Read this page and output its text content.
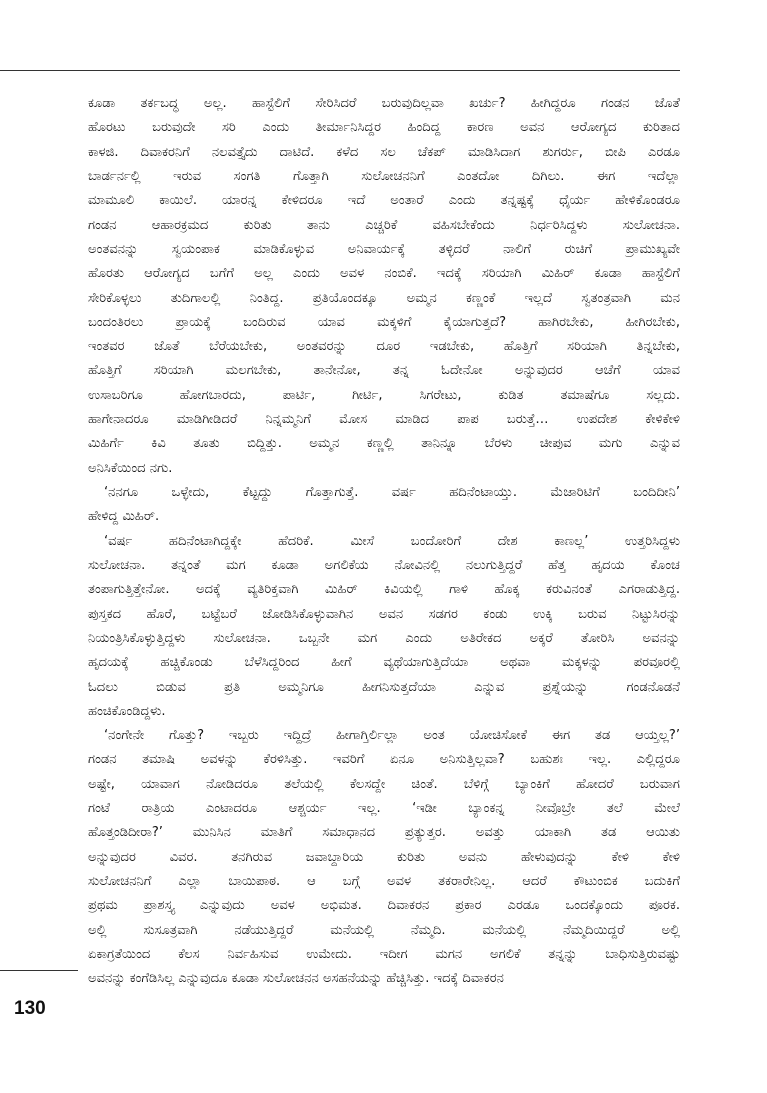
ಕೂಡಾ ತರ್ಕಬದ್ಧ ಅಲ್ಲ. ಹಾಸ್ಟೆಲಿಗೆ ಸೇರಿಸಿದರೆ ಬರುವುದಿಲ್ಲವಾ ಖರ್ಚು? ಹೀಗಿದ್ದರೂ ಗಂಡನ ಜೊತೆ
ಹೊರಟು ಬರುವುದೇ ಸರಿ ಎಂದು ತೀರ್ಮಾನಿಸಿದ್ದರ ಹಿಂದಿದ್ದ ಕಾರಣ ಅವನ ಆರೋಗ್ಯದ ಕುರಿತಾದ
ಕಾಳಜಿ. ದಿವಾಕರನಿಗೆ ನಲವತ್ತೈದು ದಾಟಿದೆ. ಕಳೆದ ಸಲ ಚೆಕಪ್ ಮಾಡಿಸಿದಾಗ ಶುಗರ್ರು, ಬೀಪಿ ಎರಡೂ
ಬಾರ್ಡರ್ನಲ್ಲಿ ಇರುವ ಸಂಗತಿ ಗೊತ್ತಾಗಿ ಸುಲೋಚನನಿಗೆ ಎಂತದೋ ದಿಗಿಲು. ಈಗ ಇದೆಲ್ಲಾ
ಮಾಮೂಲಿ ಕಾಯಿಲೆ. ಯಾರನ್ನ ಕೇಳಿದರೂ ಇದೆ ಅಂತಾರೆ ಎಂದು ತನ್ನಷ್ಟಕ್ಕೆ ಧೈರ್ಯ ಹೇಳಿಕೊಂಡರೂ
ಗಂಡನ ಆಹಾರಕ್ರಮದ ಕುರಿತು ತಾನು ಎಚ್ಚರಿಕೆ ವಹಿಸಬೇಕೆಂದು ನಿರ್ಧರಿಸಿದ್ದಳು ಸುಲೋಚನಾ.
ಅಂತವನನ್ನು ಸ್ವಯಂಪಾಕ ಮಾಡಿಕೊಳ್ಳುವ ಅನಿವಾರ್ಯಕ್ಕೆ ತಳ್ಳಿದರೆ ನಾಲಿಗೆ ರುಚಿಗೆ ಪ್ರಾಮುಖ್ಯವೇ
ಹೊರತು ಆರೋಗ್ಯದ ಬಗೆಗೆ ಅಲ್ಲ ಎಂದು ಅವಳ ನಂಬಿಕೆ. ಇದಕ್ಕೆ ಸರಿಯಾಗಿ ಮಿಹಿರ್ ಕೂಡಾ ಹಾಸ್ಟೆಲಿಗೆ
ಸೇರಿಕೊಳ್ಳಲು ತುದಿಗಾಲಲ್ಲಿ ನಿಂತಿದ್ದ. ಪ್ರತಿಯೊಂದಕ್ಕೂ ಅಮ್ಮನ ಕಣ್ಣಂಕೆ ಇಲ್ಲದೆ ಸ್ವತಂತ್ರವಾಗಿ ಮನ
ಬಂದಂತಿರಲು ಪ್ರಾಯಕ್ಕೆ ಬಂದಿರುವ ಯಾವ ಮಕ್ಕಳಿಗೆ ಕೈಯಾಗುತ್ತದೆ? ಹಾಗಿರಬೇಕು, ಹೀಗಿರಬೇಕು,
ಇಂತವರ ಜೊತೆ ಬೆರೆಯಬೇಕು, ಅಂತವರನ್ನು ದೂರ ಇಡಬೇಕು, ಹೊತ್ತಿಗೆ ಸರಿಯಾಗಿ ತಿನ್ನಬೇಕು,
ಹೊತ್ತಿಗೆ ಸರಿಯಾಗಿ ಮಲಗಬೇಕು, ತಾನೇನೋ, ತನ್ನ ಓದೇನೋ ಅನ್ನುವುದರ ಆಚೆಗೆ ಯಾವ
ಉಸಾಬರಿಗೂ ಹೋಗಬಾರದು, ಪಾರ್ಟಿ, ಗೀರ್ಟಿ, ಸಿಗರೇಟು, ಕುಡಿತ ತಮಾಷೆಗೂ ಸಲ್ಲದು.
ಹಾಗೇನಾದರೂ ಮಾಡಿಗೀಡಿದರೆ ನಿನ್ನಮ್ಮನಿಗೆ ಮೋಸ ಮಾಡಿದ ಪಾಪ ಬರುತ್ತೆ… ಉಪದೇಶ ಕೇಳಿಕೇಳಿ
ಮಿಹಿರ್ಗೆ ಕಿವಿ ತೂತು ಬಿದ್ದಿತ್ತು. ಅಮ್ಮನ ಕಣ್ಣಲ್ಲಿ ತಾನಿನ್ನೂ ಬೆರಳು ಚೀಪುವ ಮಗು ಎನ್ನುವ
ಅನಿಸಿಕೆಯಿಂದ ನಗು.
‘ನನಗೂ ಒಳ್ಳೇದು, ಕೆಟ್ಟದ್ದು ಗೊತ್ತಾಗುತ್ತೆ. ವರ್ಷ ಹದಿನೆಂಟಾಯ್ತು. ಮೆಜಾರಿಟಿಗೆ ಬಂದಿದೀನಿ’
ಹೇಳಿದ್ದ ಮಿಹಿರ್.
‘ವರ್ಷ ಹದಿನೆಂಟಾಗಿದ್ದಕ್ಕೇ ಹೆದರಿಕೆ. ಮೀಸೆ ಬಂದೋರಿಗೆ ದೇಶ ಕಾಣಲ್ಲ’ ಉತ್ತರಿಸಿದ್ದಳು
ಸುಲೋಚನಾ. ತನ್ನಂತೆ ಮಗ ಕೂಡಾ ಅಗಲಿಕೆಯ ನೋವಿನಲ್ಲಿ ನಲುಗುತ್ತಿದ್ದರೆ ಹೆತ್ತ ಹೃದಯ ಕೊಂಚ
ತಂಪಾಗುತ್ತಿತ್ತೇನೋ. ಅದಕ್ಕೆ ವ್ಯತಿರಿಕ್ತವಾಗಿ ಮಿಹಿರ್ ಕಿವಿಯಲ್ಲಿ ಗಾಳಿ ಹೊಕ್ಕ ಕರುವಿನಂತೆ ಎಗರಾಡುತ್ತಿದ್ದ.
ಪುಸ್ತಕದ ಹೊರೆ, ಬಟ್ಟೆಬರೆ ಜೋಡಿಸಿಕೊಳ್ಳುವಾಗಿನ ಅವನ ಸಡಗರ ಕಂಡು ಉಕ್ಕಿ ಬರುವ ನಿಟ್ಟುಸಿರನ್ನು
ನಿಯಂತ್ರಿಸಿಕೊಳ್ಳುತ್ತಿದ್ದಳು ಸುಲೋಚನಾ. ಒಬ್ಬನೇ ಮಗ ಎಂದು ಅತಿರೇಕದ ಅಕ್ಕರೆ ತೋರಿಸಿ ಅವನನ್ನು
ಹೃದಯಕ್ಕೆ ಹಚ್ಚಿಕೊಂಡು ಬೆಳೆಸಿದ್ದರಿಂದ ಹೀಗೆ ವ್ಯಥೆಯಾಗುತ್ತಿದೆಯಾ ಅಥವಾ ಮಕ್ಕಳನ್ನು ಪರವೂರಲ್ಲಿ
ಓದಲು ಬಿಡುವ ಪ್ರತಿ ಅಮ್ಮನಿಗೂ ಹೀಗನಿಸುತ್ತದೆಯಾ ಎನ್ನುವ ಪ್ರಶ್ನೆಯನ್ನು ಗಂಡನೊಡನೆ
ಹಂಚಿಕೊಂಡಿದ್ದಳು.
‘ನಂಗೇನೇ ಗೊತ್ತು? ಇಬ್ಬರು ಇದ್ದಿದ್ರೆ ಹೀಗಾಗ್ತಿರ್ಲಿಲ್ಲಾ ಅಂತ ಯೋಚಿಸೋಕೆ ಈಗ ತಡ ಆಯ್ತಲ್ಲ?’
ಗಂಡನ ತಮಾಷಿ ಅವಳನ್ನು ಕೆರಳಿಸಿತ್ತು. ಇವರಿಗೆ ಏನೂ ಅನಿಸುತ್ತಿಲ್ಲವಾ? ಬಹುಶಃ ಇಲ್ಲ. ಎಲ್ಲಿದ್ದರೂ
ಅಷ್ಟೇ, ಯಾವಾಗ ನೋಡಿದರೂ ತಲೆಯಲ್ಲಿ ಕೆಲಸದ್ದೇ ಚಿಂತೆ. ಬೆಳಿಗ್ಗೆ ಬ್ಯಾಂಕಿಗೆ ಹೋದರೆ ಬರುವಾಗ
ಗಂಟೆ ರಾತ್ರಿಯ ಎಂಟಾದರೂ ಆಶ್ಚರ್ಯ ಇಲ್ಲ. ‘ಇಡೀ ಬ್ಯಾಂಕನ್ನ ನೀವೊಬ್ರೇ ತಲೆ ಮೇಲೆ
ಹೊತ್ತಂಡಿದೀರಾ?’ ಮುನಿಸಿನ ಮಾತಿಗೆ ಸಮಾಧಾನದ ಪ್ರತ್ಯುತ್ತರ. ಅವತ್ತು ಯಾಕಾಗಿ ತಡ ಆಯಿತು
ಅನ್ನುವುದರ ವಿವರ. ತನಗಿರುವ ಜವಾಬ್ದಾರಿಯ ಕುರಿತು ಅವನು ಹೇಳುವುದನ್ನು ಕೇಳಿ ಕೇಳಿ
ಸುಲೋಚನನಿಗೆ ಎಲ್ಲಾ ಬಾಯಿಪಾಠ. ಆ ಬಗ್ಗೆ ಅವಳ ತಕರಾರೇನಿಲ್ಲ. ಆದರೆ ಕೌಟುಂಬಿಕ ಬದುಕಿಗೆ
ಪ್ರಥಮ ಪ್ರಾಶಸ್ತ್ಯ ಎನ್ನುವುದು ಅವಳ ಅಭಿಮತ. ದಿವಾಕರನ ಪ್ರಕಾರ ಎರಡೂ ಒಂದಕ್ಕೊಂದು ಪೂರಕ.
ಅಲ್ಲಿ ಸುಸೂತ್ರವಾಗಿ ನಡೆಯುತ್ತಿದ್ದರೆ ಮನೆಯಲ್ಲಿ ನೆಮ್ಮದಿ. ಮನೆಯಲ್ಲಿ ನೆಮ್ಮದಿಯಿದ್ದರೆ ಅಲ್ಲಿ
ಏಕಾಗ್ರತೆಯಿಂದ ಕೆಲಸ ನಿರ್ವಹಿಸುವ ಉಮೇದು. ಇದೀಗ ಮಗನ ಅಗಲಿಕೆ ತನ್ನನ್ನು ಬಾಧಿಸುತ್ತಿರುವಷ್ಟು
ಅವನನ್ನು ಕಂಗೆಡಿಸಿಲ್ಲ ಎನ್ನುವುದೂ ಕೂಡಾ ಸುಲೋಚನನ ಅಸಹನೆಯನ್ನು ಹೆಚ್ಚಿಸಿತ್ತು. ಇದಕ್ಕೆ ದಿವಾಕರನ
130
